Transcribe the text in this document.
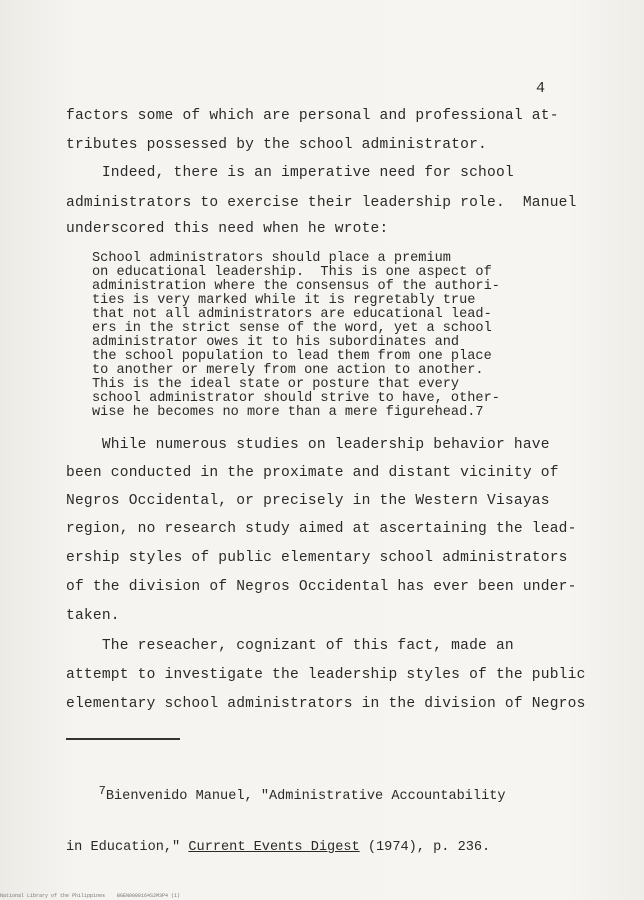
4

factors some of which are personal and professional at-

tributes possessed by the school administrator.

Indeed, there is an imperative need for school

administrators to exercise their leadership role.  Manuel

underscored this need when he wrote:

School administrators should place a premium

on educational leadership.  This is one aspect of

administration where the consensus of the authori-

ties is very marked while it is regretably true

that not all administrators are educational lead-

ers in the strict sense of the word, yet a school

administrator owes it to his subordinates and

the school population to lead them from one place

to another or merely from one action to another.

This is the ideal state or posture that every

school administrator should strive to have, other-

wise he becomes no more than a mere figurehead.7

While numerous studies on leadership behavior have

been conducted in the proximate and distant vicinity of

Negros Occidental, or precisely in the Western Visayas

region, no research study aimed at ascertaining the lead-

ership styles of public elementary school administrators

of the division of Negros Occidental has ever been under-

taken.

The reseacher, cognizant of this fact, made an

attempt to investigate the leadership styles of the public

elementary school administrators in the division of Negros

7Bienvenido Manuel, "Administrative Accountability

in Education," Current Events Digest (1974), p. 236.

National Library of the Philippines BGEN0000164S2M3P4 (1)
